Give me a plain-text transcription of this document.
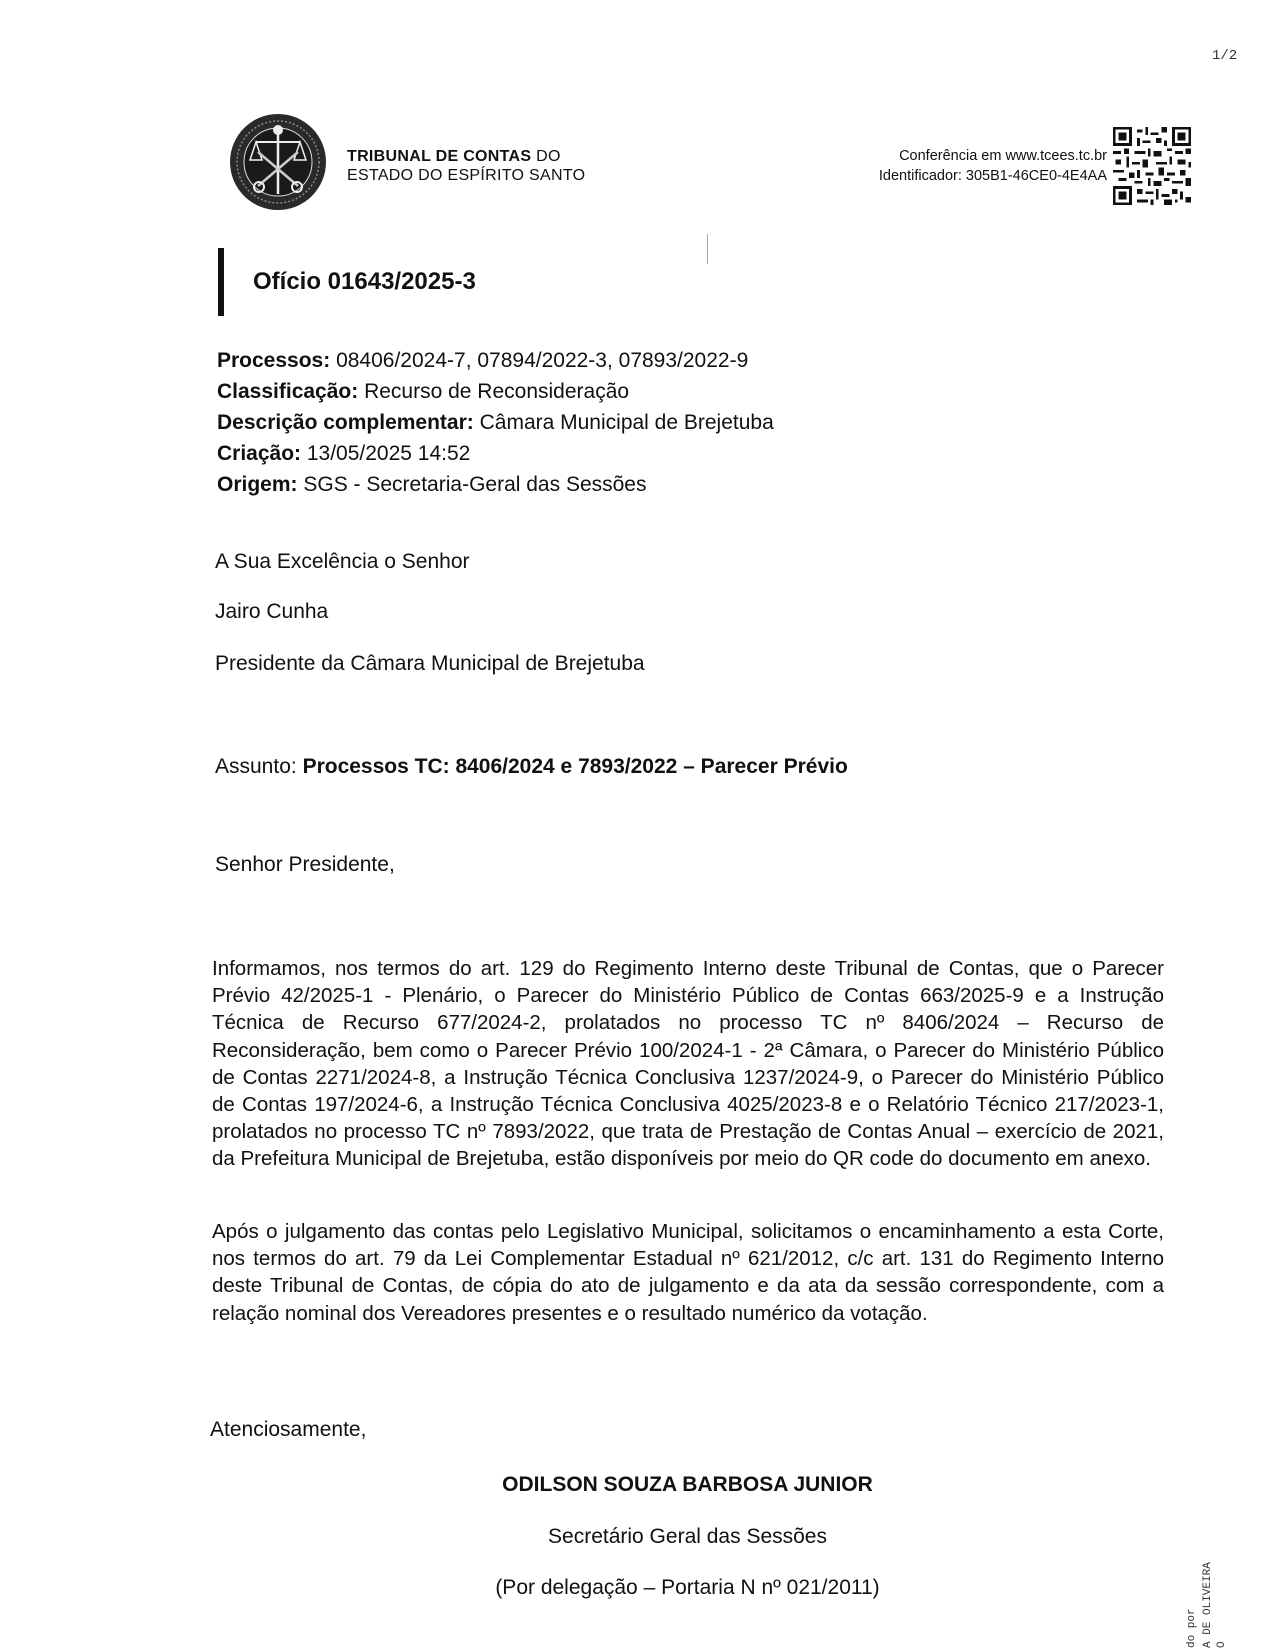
1/2
TRIBUNAL DE CONTAS DO
ESTADO DO ESPÍRITO SANTO
Conferência em www.tcees.tc.br
Identificador: 305B1-46CE0-4E4AA
Ofício 01643/2025-3
Processos: 08406/2024-7, 07894/2022-3, 07893/2022-9
Classificação: Recurso de Reconsideração
Descrição complementar: Câmara Municipal de Brejetuba
Criação: 13/05/2025 14:52
Origem: SGS - Secretaria-Geral das Sessões
A Sua Excelência o Senhor
Jairo Cunha
Presidente da Câmara Municipal de Brejetuba
Assunto: Processos TC: 8406/2024 e 7893/2022 – Parecer Prévio
Senhor Presidente,
Informamos, nos termos do art. 129 do Regimento Interno deste Tribunal de Contas, que o Parecer Prévio 42/2025-1 - Plenário, o Parecer do Ministério Público de Contas 663/2025-9 e a Instrução Técnica de Recurso 677/2024-2, prolatados no processo TC nº 8406/2024 – Recurso de Reconsideração, bem como o Parecer Prévio 100/2024-1 - 2ª Câmara, o Parecer do Ministério Público de Contas 2271/2024-8, a Instrução Técnica Conclusiva 1237/2024-9, o Parecer do Ministério Público de Contas 197/2024-6, a Instrução Técnica Conclusiva 4025/2023-8 e o Relatório Técnico 217/2023-1, prolatados no processo TC nº 7893/2022, que trata de Prestação de Contas Anual – exercício de 2021, da Prefeitura Municipal de Brejetuba, estão disponíveis por meio do QR code do documento em anexo.
Após o julgamento das contas pelo Legislativo Municipal, solicitamos o encaminhamento a esta Corte, nos termos do art. 79 da Lei Complementar Estadual nº 621/2012, c/c art. 131 do Regimento Interno deste Tribunal de Contas, de cópia do ato de julgamento e da ata da sessão correspondente, com a relação nominal dos Vereadores presentes e o resultado numérico da votação.
Atenciosamente,
ODILSON SOUZA BARBOSA JUNIOR
Secretário Geral das Sessões
(Por delegação – Portaria N nº 021/2011)
do por A DE OLIVEIRA O
